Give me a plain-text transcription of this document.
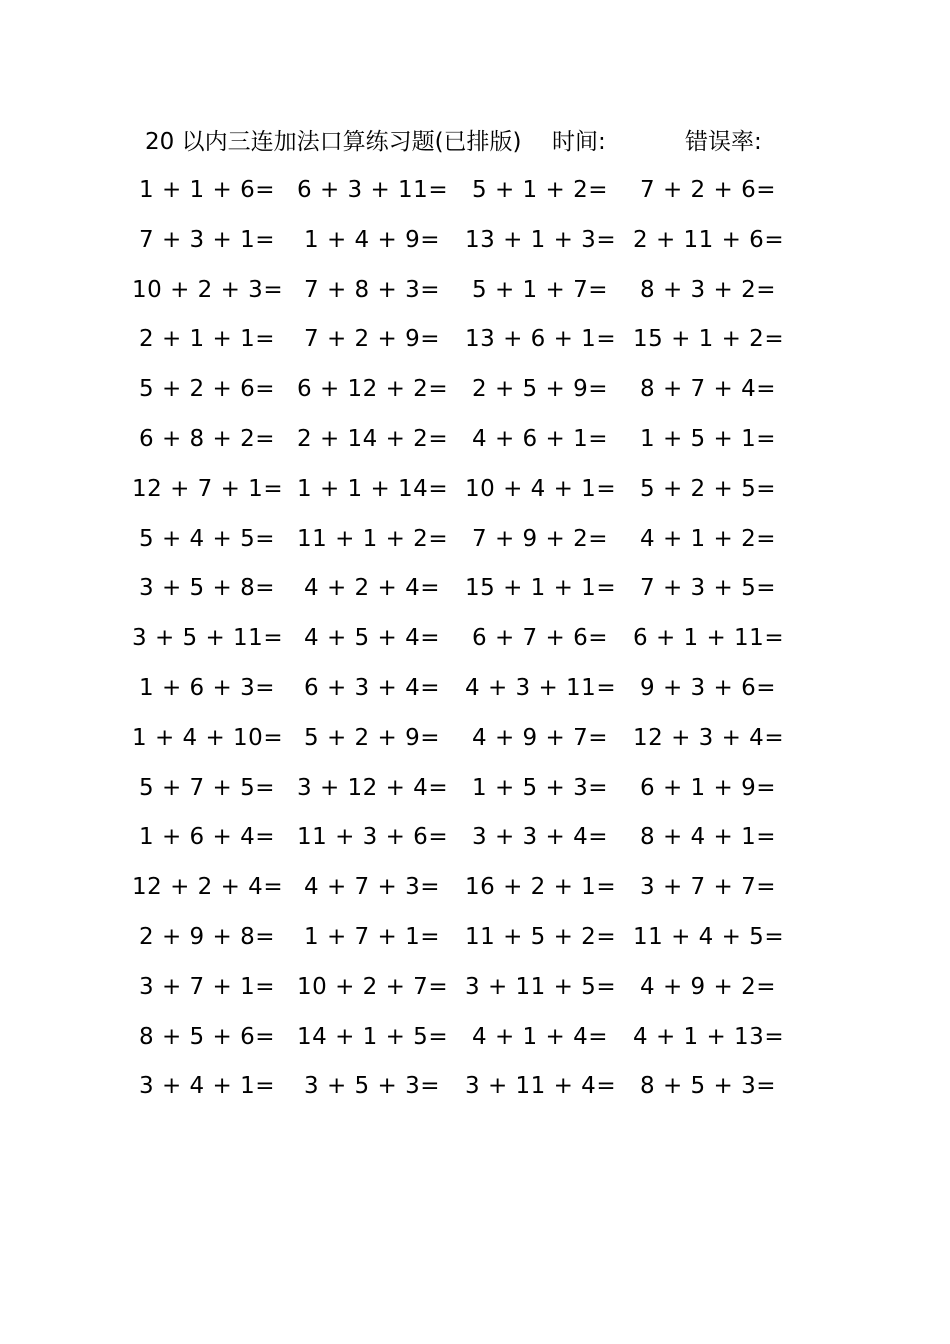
20 以内三连加法口算练习题(已排版) 时间:	错误率:
1 + 1 + 6= 6 + 3 + 11=	5 + 1 + 2=	7 + 2 + 6=
7 + 3 + 1=	1 + 4 + 9=	13 + 1 + 3= 2 + 11 + 6=
10 + 2 + 3= 7 + 8 + 3=	5 + 1 + 7=	8 + 3 + 2=
2 + 1 + 1=	7 + 2 + 9=	13 + 6 + 1= 15 + 1 + 2=
5 + 2 + 6= 6 + 12 + 2=	2 + 5 + 9=	8 + 7 + 4=
6 + 8 + 2= 2 + 14 + 2=	4 + 6 + 1=	1 + 5 + 1=
12 + 7 + 1= 1 + 1 + 14= 10 + 4 + 1=	5 + 2 + 5=
5 + 4 + 5= 11 + 1 + 2=	7 + 9 + 2=	4 + 1 + 2=
3 + 5 + 8=	4 + 2 + 4=	15 + 1 + 1=	7 + 3 + 5=
3 + 5 + 11= 4 + 5 + 4=	6 + 7 + 6=	6 + 1 + 11=
1 + 6 + 3=	6 + 3 + 4=	4 + 3 + 11=	9 + 3 + 6=
1 + 4 + 10= 5 + 2 + 9=	4 + 9 + 7=	12 + 3 + 4=
5 + 7 + 5= 3 + 12 + 4=	1 + 5 + 3=	6 + 1 + 9=
1 + 6 + 4= 11 + 3 + 6=	3 + 3 + 4=	8 + 4 + 1=
12 + 2 + 4= 4 + 7 + 3=	16 + 2 + 1=	3 + 7 + 7=
2 + 9 + 8=	1 + 7 + 1=	11 + 5 + 2= 11 + 4 + 5=
3 + 7 + 1= 10 + 2 + 7= 3 + 11 + 5=	4 + 9 + 2=
8 + 5 + 6= 14 + 1 + 5=	4 + 1 + 4=	4 + 1 + 13=
3 + 4 + 1=	3 + 5 + 3=	3 + 11 + 4=	8 + 5 + 3=
